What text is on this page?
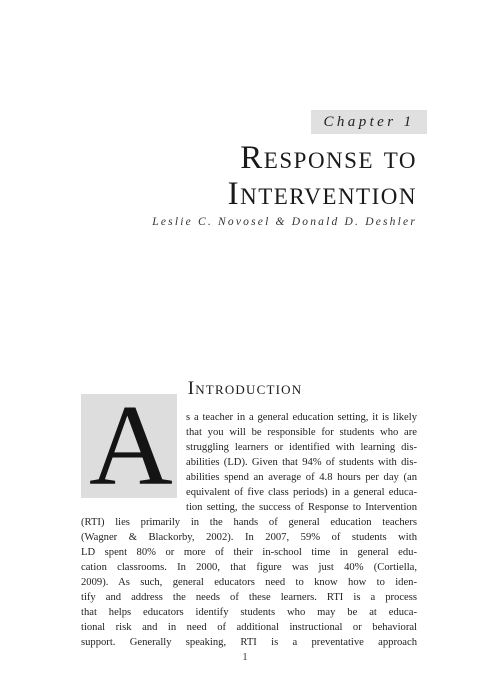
Chapter 1
Response to
Intervention
Leslie C. Novosel & Donald D. Deshler
Introduction
A s a teacher in a general education setting, it is likely
that you will be responsible for students who are
struggling learners or identified with learning dis-
abilities (LD). Given that 94% of students with dis-
abilities spend an average of 4.8 hours per day (an
equivalent of five class periods) in a general educa-
tion setting, the success of Response to Intervention
(RTI) lies primarily in the hands of general education teachers
(Wagner & Blackorby, 2002). In 2007, 59% of students with
LD spent 80% or more of their in-school time in general edu-
cation classrooms. In 2000, that figure was just 40% (Cortiella,
2009). As such, general educators need to know how to iden-
tify and address the needs of these learners. RTI is a process
that helps educators identify students who may be at educa-
tional risk and in need of additional instructional or behavioral
support. Generally speaking, RTI is a preventative approach
1
